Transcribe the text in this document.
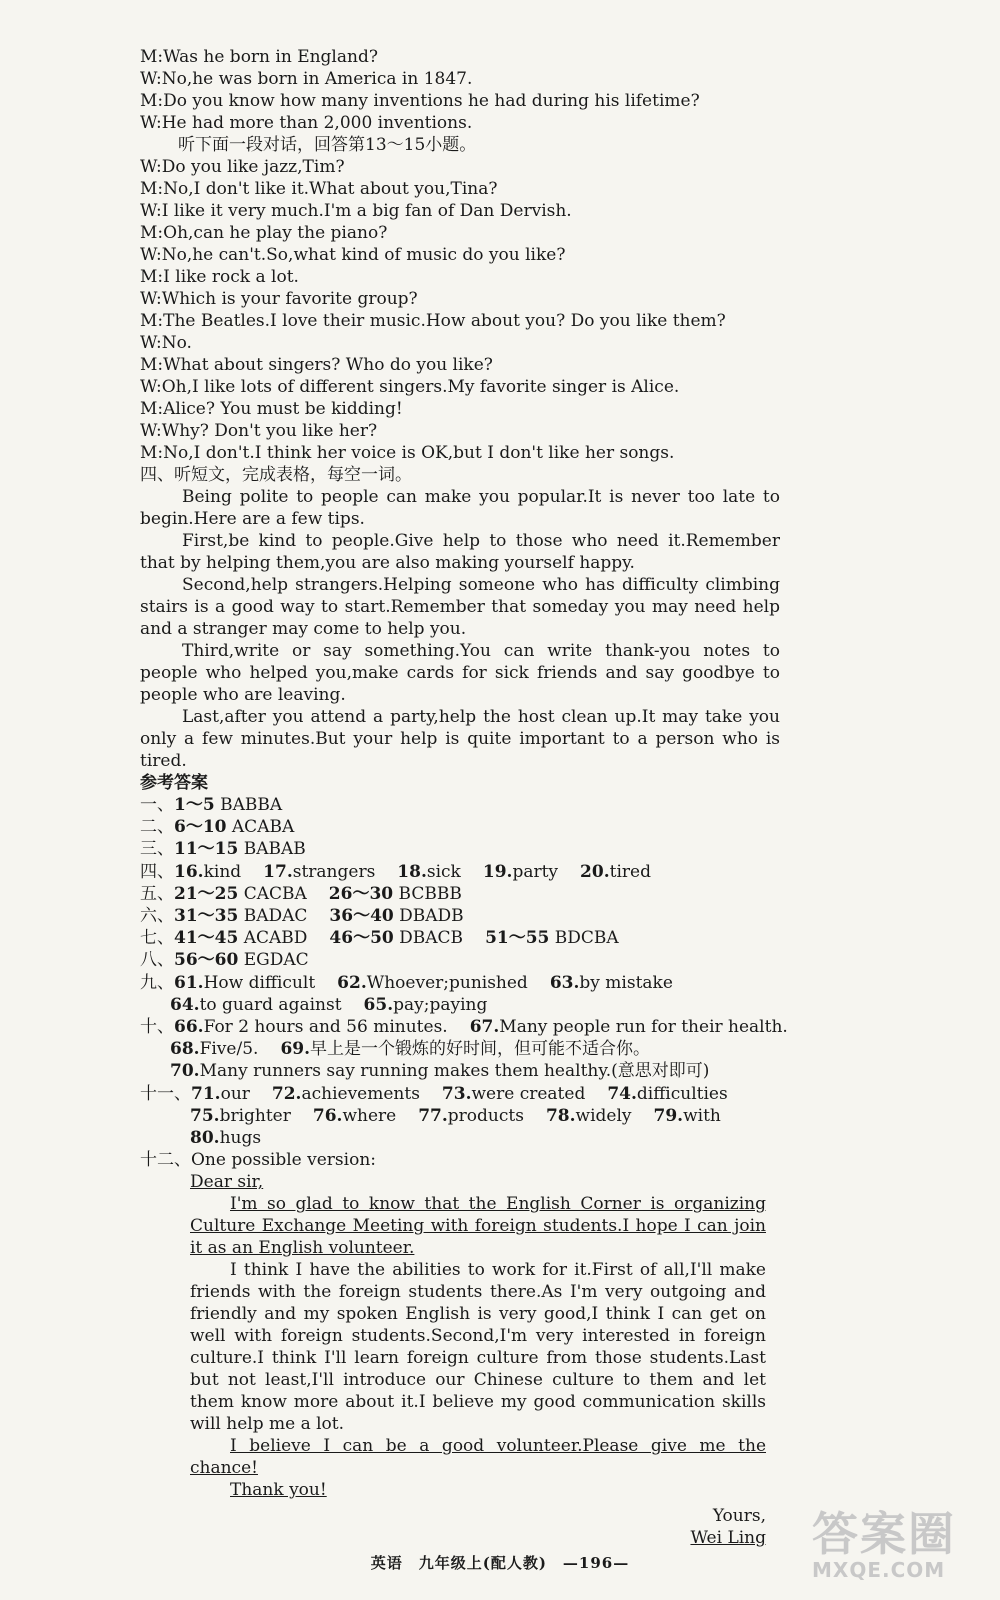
M:Was he born in England?
W:No,he was born in America in 1847.
M:Do you know how many inventions he had during his lifetime?
W:He had more than 2,000 inventions.
听下面一段对话，回答第13～15小题。
W:Do you like jazz,Tim?
M:No,I don't like it.What about you,Tina?
W:I like it very much.I'm a big fan of Dan Dervish.
M:Oh,can he play the piano?
W:No,he can't.So,what kind of music do you like?
M:I like rock a lot.
W:Which is your favorite group?
M:The Beatles.I love their music.How about you? Do you like them?
W:No.
M:What about singers? Who do you like?
W:Oh,I like lots of different singers.My favorite singer is Alice.
M:Alice? You must be kidding!
W:Why? Don't you like her?
M:No,I don't.I think her voice is OK,but I don't like her songs.
四、听短文，完成表格，每空一词。
Being polite to people can make you popular.It is never too late to begin.Here are a few tips.
First,be kind to people.Give help to those who need it.Remember that by helping them,you are also making yourself happy.
Second,help strangers.Helping someone who has difficulty climbing stairs is a good way to start.Remember that someday you may need help and a stranger may come to help you.
Third,write or say something.You can write thank-you notes to people who helped you,make cards for sick friends and say goodbye to people who are leaving.
Last,after you attend a party,help the host clean up.It may take you only a few minutes.But your help is quite important to a person who is tired.
参考答案
一、1～5 BABBA
二、6～10 ACABA
三、11～15 BABAB
四、16.kind 17.strangers 18.sick 19.party 20.tired
五、21～25 CACBA 26～30 BCBBB
六、31～35 BADAC 36～40 DBADB
七、41～45 ACABD 46～50 DBACB 51～55 BDCBA
八、56～60 EGDAC
九、61.How difficult 62.Whoever;punished 63.by mistake
64.to guard against 65.pay;paying
十、66.For 2 hours and 56 minutes. 67.Many people run for their health.
68.Five/5. 69.早上是一个锻炼的好时间，但可能不适合你。
70.Many runners say running makes them healthy.(意思对即可)
十一、71.our 72.achievements 73.were created 74.difficulties
75.brighter 76.where 77.products 78.widely 79.with
80.hugs
十二、One possible version:
Dear sir,
I'm so glad to know that the English Corner is organizing Culture Exchange Meeting with foreign students.I hope I can join it as an English volunteer.
I think I have the abilities to work for it.First of all,I'll make friends with the foreign students there.As I'm very outgoing and friendly and my spoken English is very good,I think I can get on well with foreign students.Second,I'm very interested in foreign culture.I think I'll learn foreign culture from those students.Last but not least,I'll introduce our Chinese culture to them and let them know more about it.I believe my good communication skills will help me a lot.
I believe I can be a good volunteer.Please give me the chance!
Thank you!
Yours,
Wei Ling
英语　九年级上(配人教)　—196—
答案圈
MXQE.COM
